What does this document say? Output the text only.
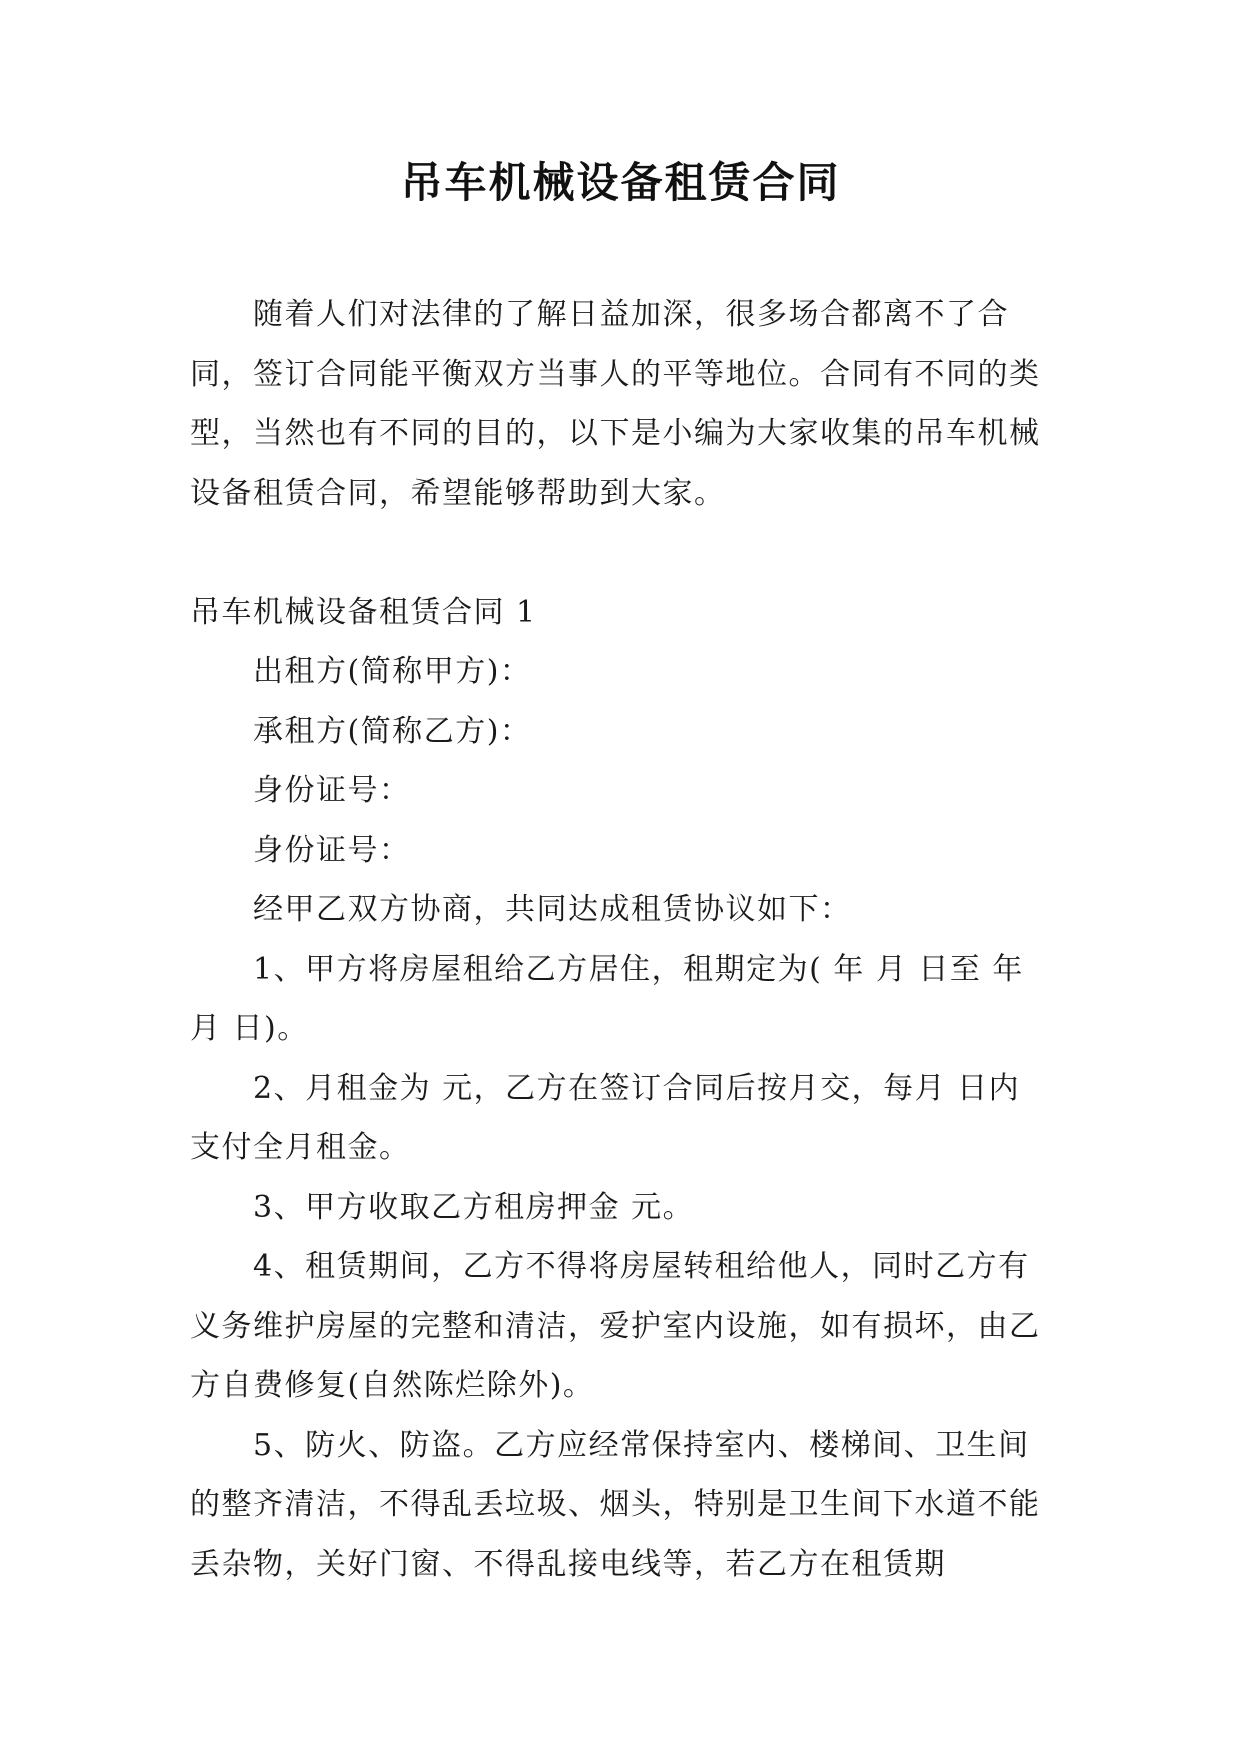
吊车机械设备租赁合同

随着人们对法律的了解日益加深，很多场合都离不了合同，签订合同能平衡双方当事人的平等地位。合同有不同的类型，当然也有不同的目的，以下是小编为大家收集的吊车机械设备租赁合同，希望能够帮助到大家。

吊车机械设备租赁合同 1

出租方(简称甲方)：

承租方(简称乙方)：

身份证号：

身份证号：

经甲乙双方协商，共同达成租赁协议如下：

1、甲方将房屋租给乙方居住，租期定为( 年 月 日至 年 月 日)。

2、月租金为 元，乙方在签订合同后按月交，每月 日内支付全月租金。

3、甲方收取乙方租房押金 元。

4、租赁期间，乙方不得将房屋转租给他人，同时乙方有义务维护房屋的完整和清洁，爱护室内设施，如有损坏，由乙方自费修复(自然陈烂除外)。

5、防火、防盗。乙方应经常保持室内、楼梯间、卫生间的整齐清洁，不得乱丢垃圾、烟头，特别是卫生间下水道不能丢杂物，关好门窗、不得乱接电线等，若乙方在租赁期
